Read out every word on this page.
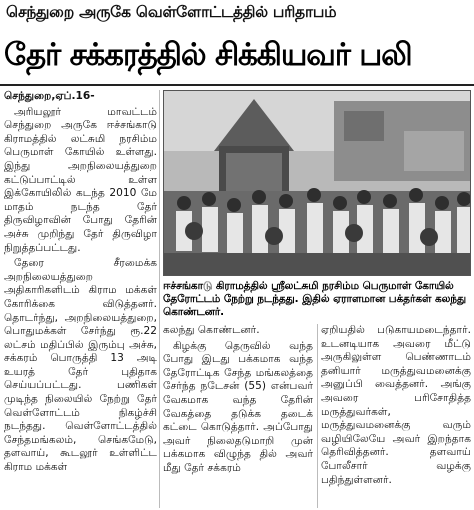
செந்துறை அருகே வெள்ளோட்டத்தில் பரிதாபம்
தேர் சக்கரத்தில் சிக்கியவர் பலி

செந்துறை,ஏப்.16-

அரியலூர் மாவட்டம் செந்துறை அருகே ஈச்சங்காடு கிராமத்தில் லட்சுமி நரசிம்ம பெருமாள் கோயில் உள்ளது. இந்து அறநிலையத்துறை கட்டுப்பாட்டில் உள்ள இக்கோயிலில் கடந்த 2010 மே மாதம் நடந்த தேர் திருவிழாவின் போது தேரின் அச்சு முறிந்து தேர் திருவிழா நிறுத்தப்பட்டது.

தேரை சீரமைக்க அறநிலையத்துறை அதிகாரிகளிடம் கிராம மக்கள் கோரிக்கை விடுத்தனர். தொடர்ந்து, அறநிலையத்துறை, பொதுமக்கள் சேர்ந்து ரூ.22 லட்சம் மதிப்பில் இரும்பு அச்சு, சக்கரம் பொருத்தி 13 அடி உயரத் தேர் புதிதாக செய்யப்பட்டது. பணிகள் முடிந்த நிலையில் நேற்று தேர் வெள்ளோட்டம் நிகழ்ச்சி நடந்தது. வெள்ளோட்டத்தில் சேந்தமங்கலம், செங்கமேடு, தளவாய், கூடலூர் உள்ளிட்ட கிராம மக்கள்

ஈச்சங்காடு கிராமத்தில் ஸ்ரீலட்சுமி நரசிம்ம பெருமாள் கோயில் தேரோட்டம் நேற்று நடந்தது. இதில் ஏராளமான பக்தர்கள் கலந்து கொண்டனர்.

கலந்து கொண்டனர்.

கிழக்கு தெருவில் வந்த போது இடது பக்கமாக வந்த தேரோட்டிக சேந்த மங்கலத்தை சேர்ந்த நடேசன் (55) என்பவர் வேகமாக வந்த தேரின் வேகத்தை தடுக்க தடைக் கட்டை கொடுத்தார். அப்போது அவர் நிலைதடுமாறி முன் பக்கமாக விழுந்த தில் அவர் மீது தேர் சக்கரம்

ஏறியதில் படுகாயமடைந்தார். உடனடியாக அவரை மீட்டு அருகிலுள்ள பெண்ணாடம் தனியார் மருத்துவமனைக்கு அனுப்பி வைத்தனர். அங்கு அவரை பரிசோதித்த மருத்துவர்கள், மருத்துவமனைக்கு வரும் வழியிலேயே அவர் இறந்தாக தெரிவித்தனர். தளவாய் போலீசார் வழக்கு பதிந்துள்ளனர்.
